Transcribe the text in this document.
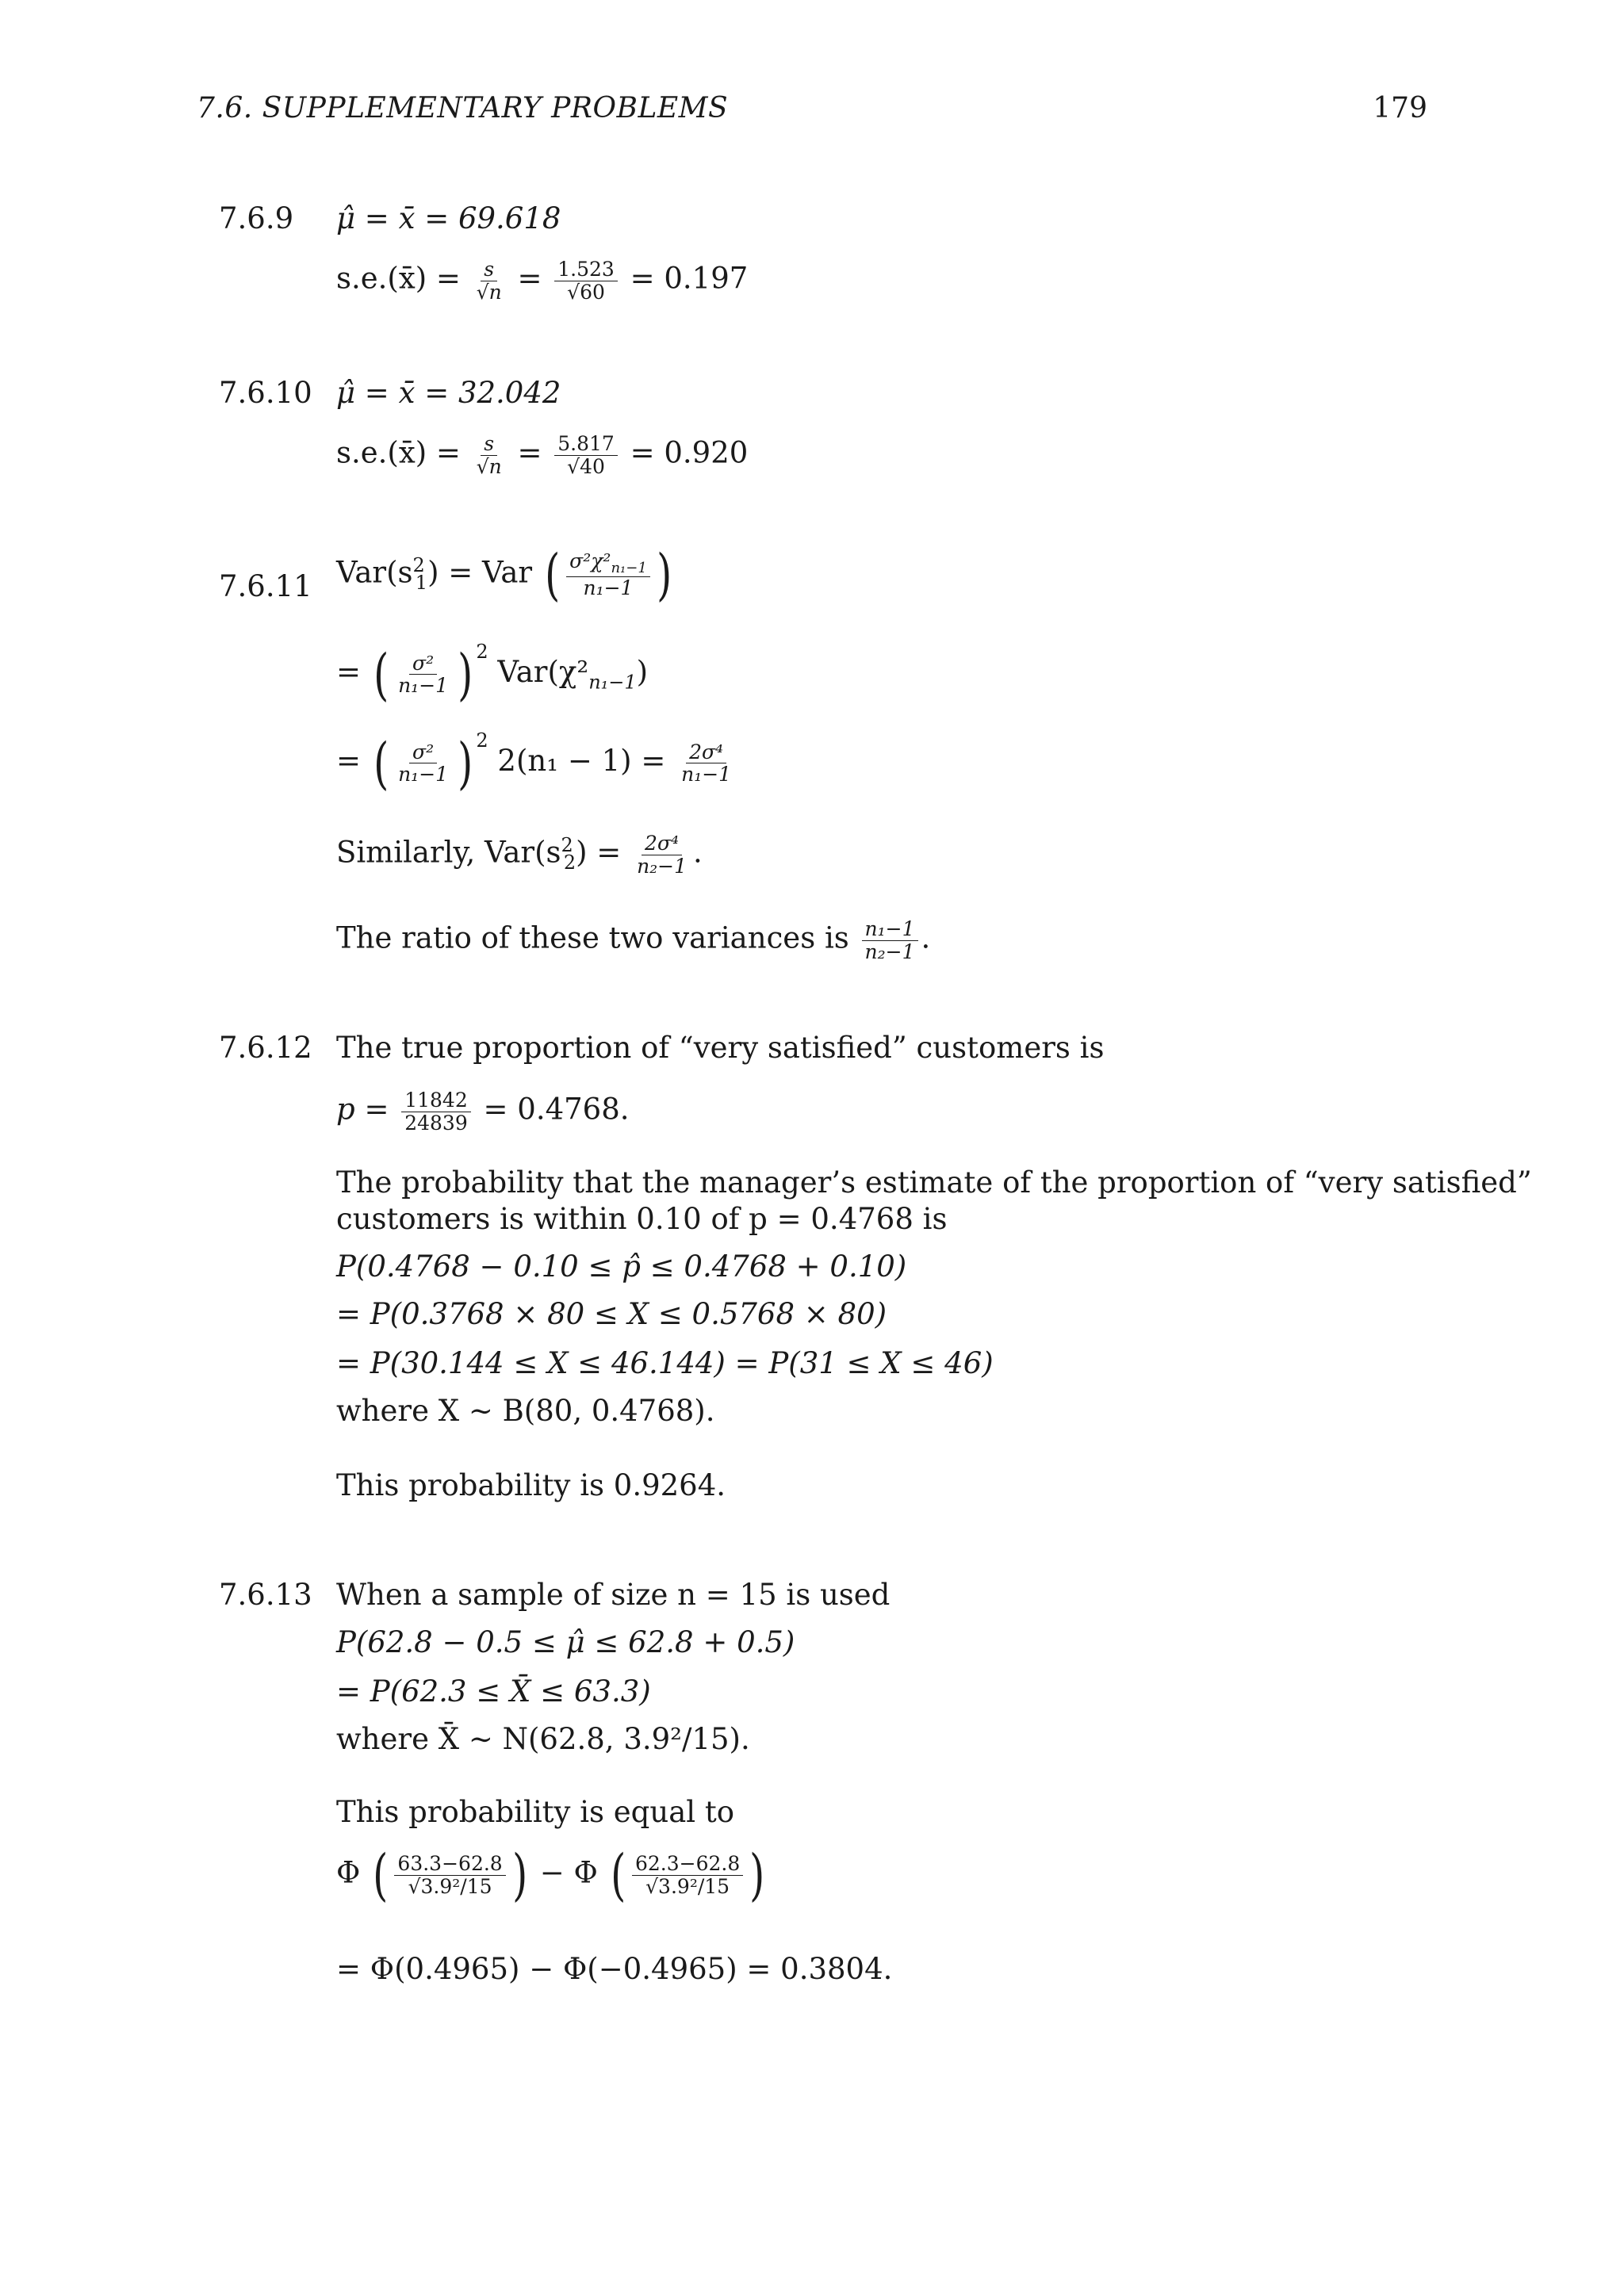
7.6. SUPPLEMENTARY PROBLEMS	179
7.6.9 μ̂ = x̄ = 69.618
s.e.(x̄) = $\frac{s}{√n} = \frac{1.523}{√60} = 0.197$
7.6.10 μ̂ = x̄ = 32.042
s.e.(x̄) = $\frac{s}{√n} = \frac{5.817}{√40} = 0.920$
7.6.11 $Var(s^2_1)$ = Var ( $\frac{\sigma^2\chi^2_{n_1-1}}{\text{n₁−1}}$ )
= ( $\frac{\text{σ²}}{\text{n₁−1}}$ ) $^2$ $Var(\chi^2_{n_1-1})$
= ( $\frac{\text{σ²}}{\text{n₁−1}}$ ) $^2$ $2(n_1 - 1) = \frac{\text{2σ⁴}}{\text{n₁−1}}$
Similarly, $Var(s^2_2) = \frac{\text{2σ⁴}}{\text{n₂−1}}$ .
The ratio of these two variances is $\frac{\text{n₁−1}}{\text{n₂−1}}$ .
7.6.12 The true proportion of “very satisfied” customers is
$p = \frac{11842}{24839} = 0.4768$.
The probability that the manager’s estimate of the proportion of “very satisfied”
customers is within 0.10 of p = 0.4768 is
P(0.4768 − 0.10 ≤ p̂ ≤ 0.4768 + 0.10)
= P(0.3768 × 80 ≤ X ≤ 0.5768 × 80)
= P(30.144 ≤ X ≤ 46.144) = P(31 ≤ X ≤ 46)
where X ∼ B(80, 0.4768).
This probability is 0.9264.
7.6.13 When a sample of size n = 15 is used
P(62.8 − 0.5 ≤ μ̂ ≤ 62.8 + 0.5)
= P(62.3 ≤ X̄ ≤ 63.3)
where X̄ ∼ N(62.8, 3.9²/15).
This probability is equal to
Φ ( $\frac{63.3-62.8}{\text{√3.9²/15}}$ ) − Φ ( $\frac{62.3-62.8}{\text{√3.9²/15}}$ )
= Φ(0.4965) − Φ(−0.4965) = 0.3804.
